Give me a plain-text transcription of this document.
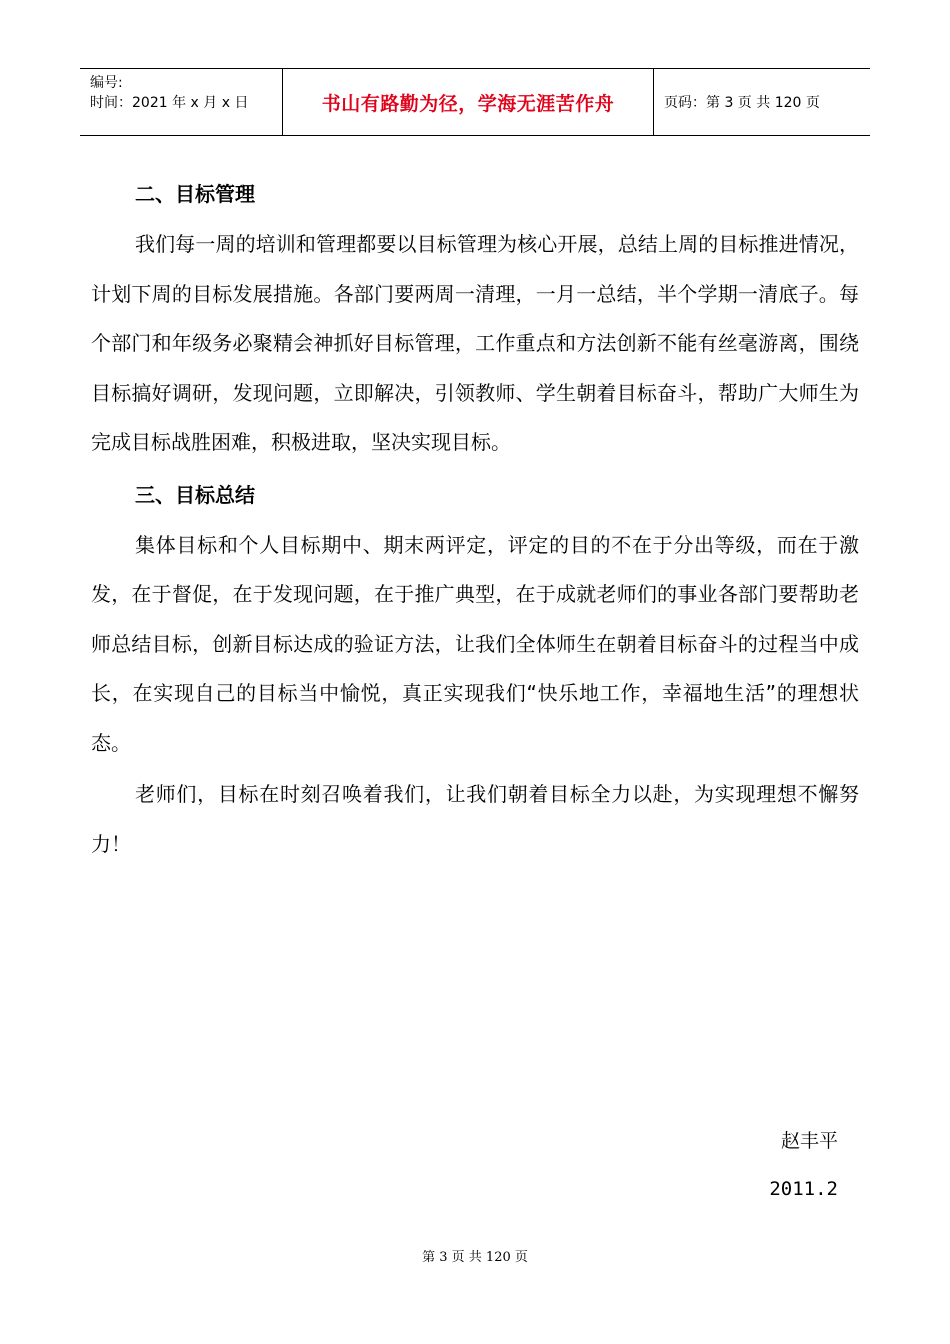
编号:
时间：2021 年 x 月 x 日	书山有路勤为径，学海无涯苦作舟	页码：第 3 页 共 120 页
二、目标管理

我们每一周的培训和管理都要以目标管理为核心开展，总结上周的目标推进情况，计划下周的目标发展措施。各部门要两周一清理，一月一总结，半个学期一清底子。每个部门和年级务必聚精会神抓好目标管理，工作重点和方法创新不能有丝毫游离，围绕目标搞好调研，发现问题，立即解决，引领教师、学生朝着目标奋斗，帮助广大师生为完成目标战胜困难，积极进取，坚决实现目标。

三、目标总结

集体目标和个人目标期中、期末两评定，评定的目的不在于分出等级，而在于激发，在于督促，在于发现问题，在于推广典型，在于成就老师们的事业各部门要帮助老师总结目标，创新目标达成的验证方法，让我们全体师生在朝着目标奋斗的过程当中成长，在实现自己的目标当中愉悦，真正实现我们“快乐地工作，幸福地生活”的理想状态。

老师们，目标在时刻召唤着我们，让我们朝着目标全力以赴，为实现理想不懈努力！

赵丰平
2011.2
第 3 页 共 120 页
